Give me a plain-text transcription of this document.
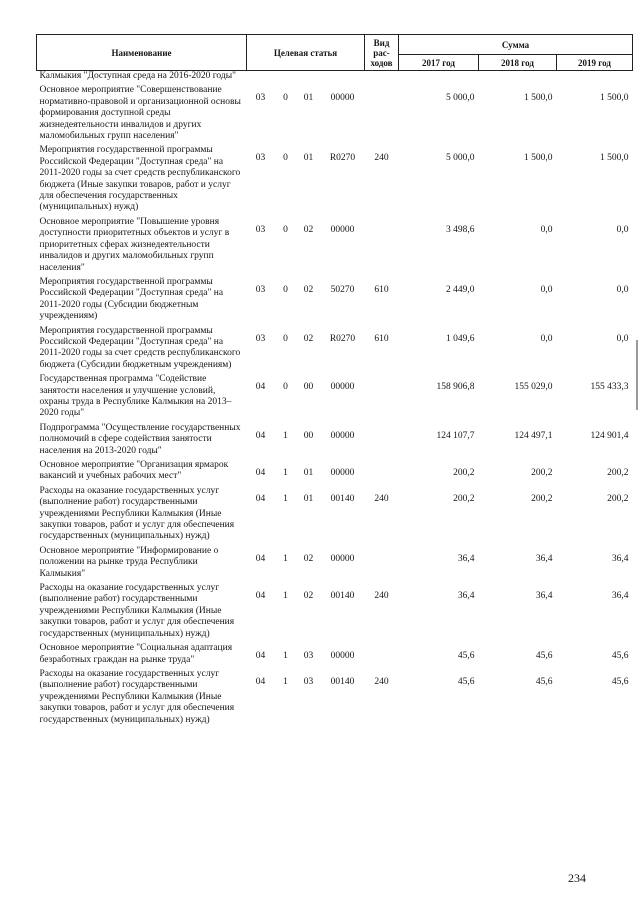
Наименование	Целевая статья				Вид рас-ходов	Сумма		
						2017 год	2018 год	2019 год
Калмыкия "Доступная среда на 2016-2020 годы"								
Основное мероприятие "Совершенствование нормативно-правовой и организационной основы формирования доступной среды жизнедеятельности инвалидов и других маломобильных групп населения"	03	0	01	00000		5 000,0	1 500,0	1 500,0
Мероприятия государственной программы Российской Федерации "Доступная среда" на 2011-2020 годы за счет средств республиканского бюджета (Иные закупки товаров, работ и услуг для обеспечения государственных (муниципальных) нужд)	03	0	01	R0270	240	5 000,0	1 500,0	1 500,0
Основное мероприятие "Повышение уровня доступности приоритетных объектов и услуг в приоритетных сферах жизнедеятельности инвалидов и других маломобильных групп населения"	03	0	02	00000		3 498,6	0,0	0,0
Мероприятия государственной программы Российской Федерации "Доступная среда" на 2011-2020 годы (Субсидии бюджетным учреждениям)	03	0	02	50270	610	2 449,0	0,0	0,0
Мероприятия государственной программы Российской Федерации "Доступная среда" на 2011-2020 годы за счет средств республиканского бюджета (Субсидии бюджетным учреждениям)	03	0	02	R0270	610	1 049,6	0,0	0,0
Государственная программа "Содействие занятости населения и улучшение условий, охраны труда в Республике Калмыкия на 2013–2020 годы"	04	0	00	00000		158 906,8	155 029,0	155 433,3
Подпрограмма "Осуществление государственных полномочий в сфере содействия занятости населения на 2013-2020 годы"	04	1	00	00000		124 107,7	124 497,1	124 901,4
Основное мероприятие "Организация ярмарок вакансий и учебных рабочих мест"	04	1	01	00000		200,2	200,2	200,2
Расходы на оказание государственных услуг (выполнение работ) государственными учреждениями Республики Калмыкия (Иные закупки товаров, работ и услуг для обеспечения государственных (муниципальных) нужд)	04	1	01	00140	240	200,2	200,2	200,2
Основное мероприятие "Информирование о положении на рынке труда Республики Калмыкия"	04	1	02	00000		36,4	36,4	36,4
Расходы на оказание государственных услуг (выполнение работ) государственными учреждениями Республики Калмыкия (Иные закупки товаров, работ и услуг для обеспечения государственных (муниципальных) нужд)	04	1	02	00140	240	36,4	36,4	36,4
Основное мероприятие "Социальная адаптация безработных граждан на рынке труда"	04	1	03	00000		45,6	45,6	45,6
Расходы на оказание государственных услуг (выполнение работ) государственными учреждениями Республики Калмыкия (Иные закупки товаров, работ и услуг для обеспечения государственных (муниципальных) нужд)	04	1	03	00140	240	45,6	45,6	45,6
234
